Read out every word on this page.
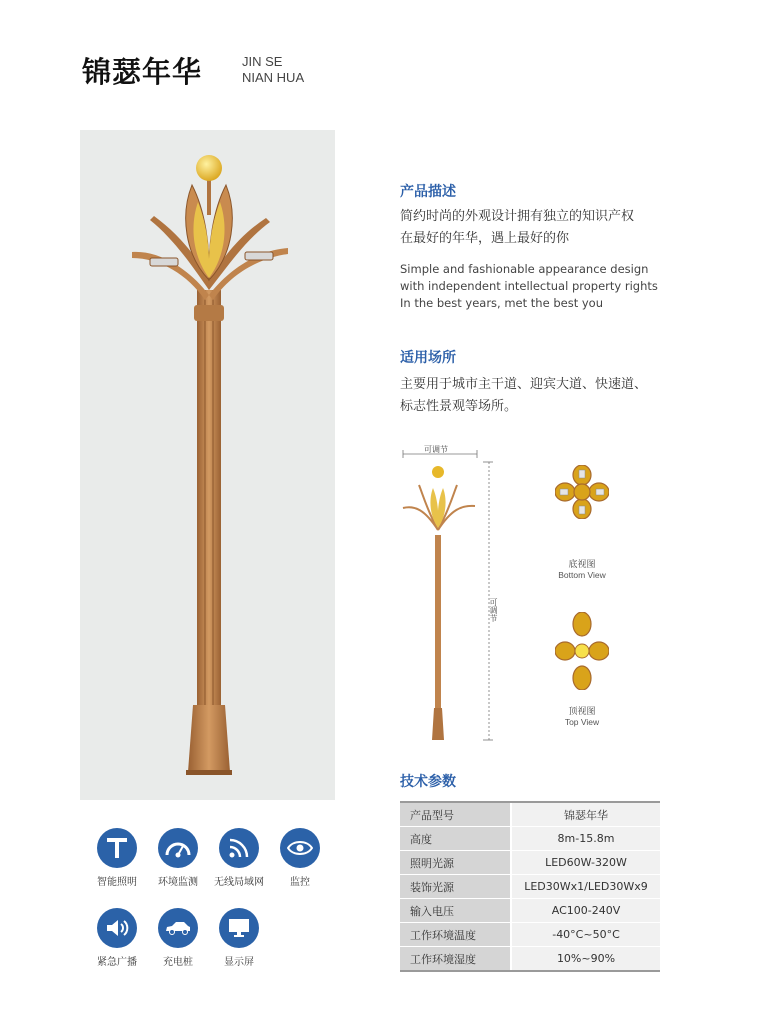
锦瑟年华	JIN SE
NIAN HUA
产品描述
简约时尚的外观设计拥有独立的知识产权
在最好的年华，遇上最好的你
Simple and fashionable appearance design
with independent intellectual property rights
In the best years, met the best you
适用场所
主要用于城市主干道、迎宾大道、快速道、
标志性景观等场所。
可调节
可调节
底视图
Bottom View
顶视图
Top View
技术参数
产品型号	锦瑟年华
高度	8m-15.8m
照明光源	LED60W-320W
装饰光源	LED30Wx1/LED30Wx9
输入电压	AC100-240V
工作环境温度	-40°C~50°C
工作环境湿度	10%~90%
智能照明	环境监测	无线局域网	监控
紧急广播	充电桩	显示屏
